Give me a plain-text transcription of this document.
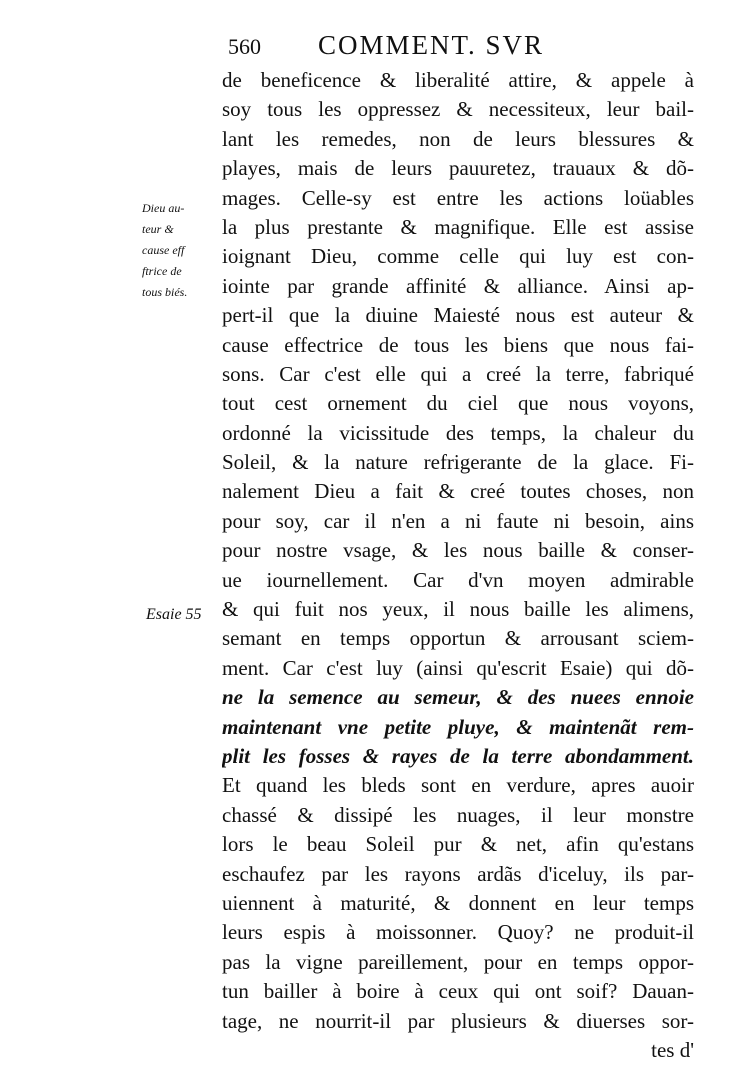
560 COMMENT. SVR
Dieu au-
teur &
cause eff
ftrice de
tous biés.
Esaie 55
de beneficence & liberalité attire, & appele à
soy tous les oppressez & necessiteux, leur bail-
lant les remedes, non de leurs blessures &
playes, mais de leurs pauuretez, trauaux & dõ-
mages. Celle-sy est entre les actions loüables
la plus prestante & magnifique. Elle est assise
ioignant Dieu, comme celle qui luy est con-
iointe par grande affinité & alliance. Ainsi ap-
pert-il que la diuine Maiesté nous est auteur &
cause effectrice de tous les biens que nous fai-
sons. Car c'est elle qui a creé la terre, fabriqué
tout cest ornement du ciel que nous voyons,
ordonné la vicissitude des temps, la chaleur du
Soleil, & la nature refrigerante de la glace. Fi-
nalement Dieu a fait & creé toutes choses, non
pour soy, car il n'en a ni faute ni besoin, ains
pour nostre vsage, & les nous baille & conser-
ue iournellement. Car d'vn moyen admirable
& qui fuit nos yeux, il nous baille les alimens,
semant en temps opportun & arrousant sciem-
ment. Car c'est luy (ainsi qu'escrit Esaie) qui dõ-
ne la semence au semeur, & des nuees ennoie
maintenant vne petite pluye, & maintenãt rem-
plit les fosses & rayes de la terre abondamment.
Et quand les bleds sont en verdure, apres auoir
chassé & dissipé les nuages, il leur monstre
lors le beau Soleil pur & net, afin qu'estans
eschaufez par les rayons ardãs d'iceluy, ils par-
uiennent à maturité, & donnent en leur temps
leurs espis à moissonner. Quoy? ne produit-il
pas la vigne pareillement, pour en temps oppor-
tun bailler à boire à ceux qui ont soif? Dauan-
tage, ne nourrit-il par plusieurs & diuerses sor-
tes d'
